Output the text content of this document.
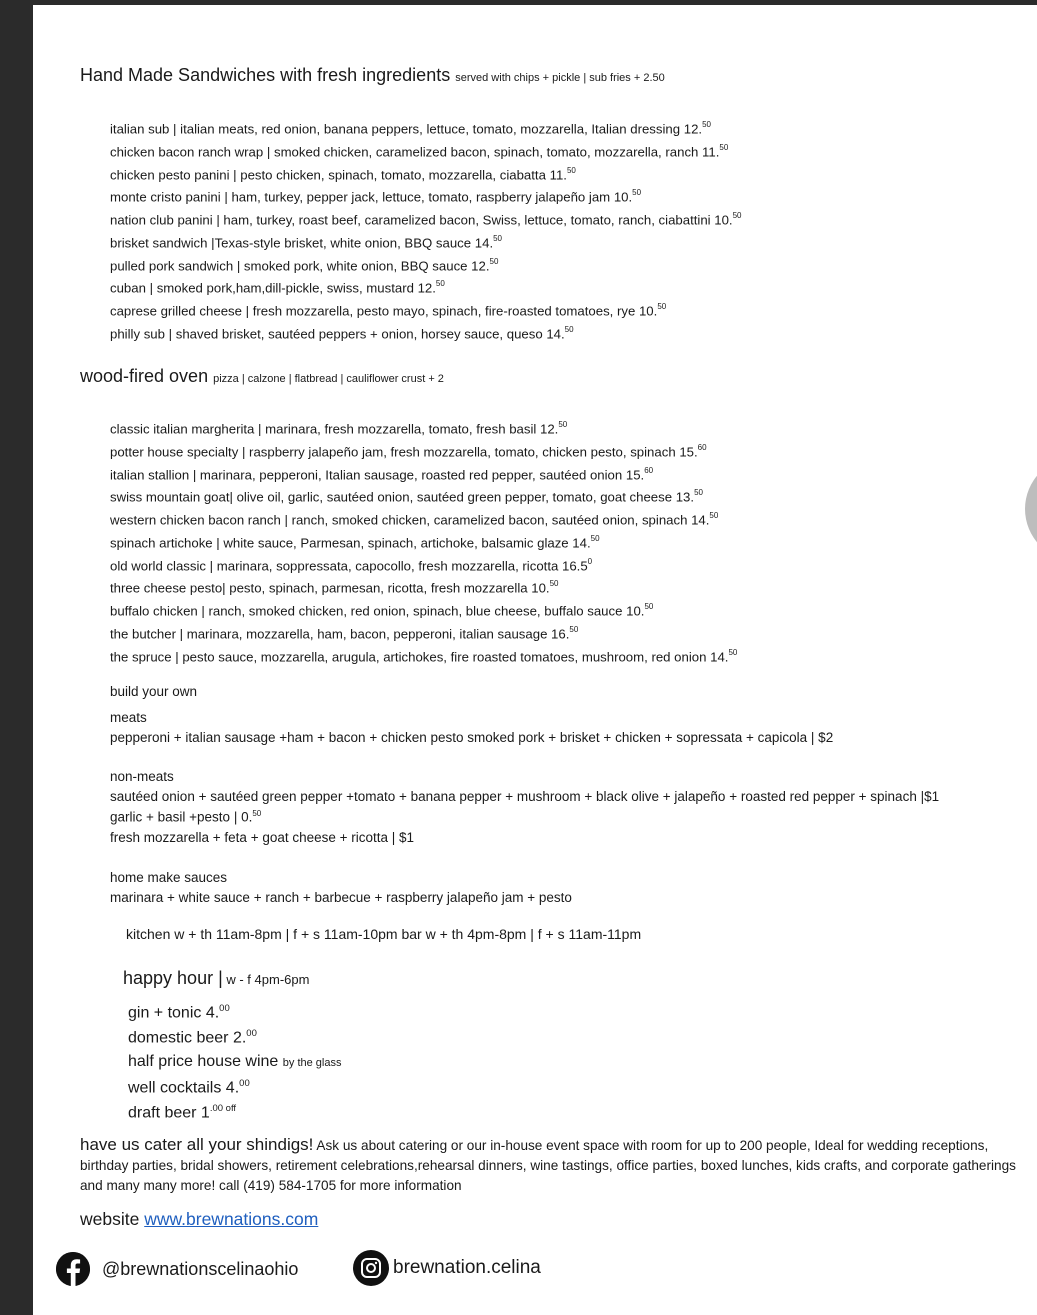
Hand Made Sandwiches with fresh ingredients served with chips + pickle | sub fries + 2.50
italian sub | italian meats, red onion, banana peppers, lettuce, tomato, mozzarella, Italian dressing 12.50
chicken bacon ranch wrap | smoked chicken, caramelized bacon, spinach, tomato, mozzarella, ranch 11.50
chicken pesto panini | pesto chicken, spinach, tomato, mozzarella, ciabatta 11.50
monte cristo panini | ham, turkey, pepper jack, lettuce, tomato, raspberry jalapeño jam 10.50
nation club panini | ham, turkey, roast beef, caramelized bacon, Swiss, lettuce, tomato, ranch, ciabattini 10.50
brisket sandwich |Texas-style brisket, white onion, BBQ sauce 14.50
pulled pork sandwich | smoked pork, white onion, BBQ sauce 12.50
cuban | smoked pork,ham,dill-pickle, swiss, mustard 12.50
caprese grilled cheese | fresh mozzarella, pesto mayo, spinach, fire-roasted tomatoes, rye 10.50
philly sub | shaved brisket, sautéed peppers + onion, horsey sauce, queso 14.50
wood-fired oven pizza | calzone | flatbread | cauliflower crust + 2
classic italian margherita | marinara, fresh mozzarella, tomato, fresh basil 12.50
potter house specialty | raspberry jalapeño jam, fresh mozzarella, tomato, chicken pesto, spinach 15.60
italian stallion | marinara, pepperoni, Italian sausage, roasted red pepper, sautéed onion 15.60
swiss mountain goat| olive oil, garlic, sautéed onion, sautéed green pepper, tomato, goat cheese 13.50
western chicken bacon ranch | ranch, smoked chicken, caramelized bacon, sautéed onion, spinach 14.50
spinach artichoke | white sauce, Parmesan, spinach, artichoke, balsamic glaze 14.50
old world classic | marinara, soppressata, capocollo, fresh mozzarella, ricotta 16.5$^0$
three cheese pesto| pesto, spinach, parmesan, ricotta, fresh mozzarella 10.50
buffalo chicken | ranch, smoked chicken, red onion, spinach, blue cheese, buffalo sauce 10.50
the butcher | marinara, mozzarella, ham, bacon, pepperoni, italian sausage 16.50
the spruce | pesto sauce, mozzarella, arugula, artichokes, fire roasted tomatoes, mushroom, red onion 14.50
build your own
meats
pepperoni + italian sausage +ham + bacon + chicken pesto smoked pork + brisket + chicken + sopressata + capicola | $2
non-meats
sautéed onion + sautéed green pepper +tomato + banana pepper + mushroom + black olive + jalapeño + roasted red pepper + spinach |$1
garlic + basil +pesto | 0.50
fresh mozzarella + feta + goat cheese + ricotta | $1
home make sauces
marinara + white sauce + ranch + barbecue + raspberry jalapeño jam + pesto
kitchen w + th 11am-8pm | f + s 11am-10pm bar w + th 4pm-8pm | f + s 11am-11pm
happy hour | w - f 4pm-6pm
gin + tonic 4.00
domestic beer 2.00
half price house wine by the glass
well cocktails 4.00
draft beer $1^{.00 off}$
have us cater all your shindigs! Ask us about catering or our in-house event space with room for up to 200 people, Ideal for wedding receptions, birthday parties, bridal showers, retirement celebrations,rehearsal dinners, wine tastings, office parties, boxed lunches, kids crafts, and corporate gatherings and many many more! call (419) 584-1705 for more information
website www.brewnations.com
@brewnationscelinaohio	brewnation.celina
